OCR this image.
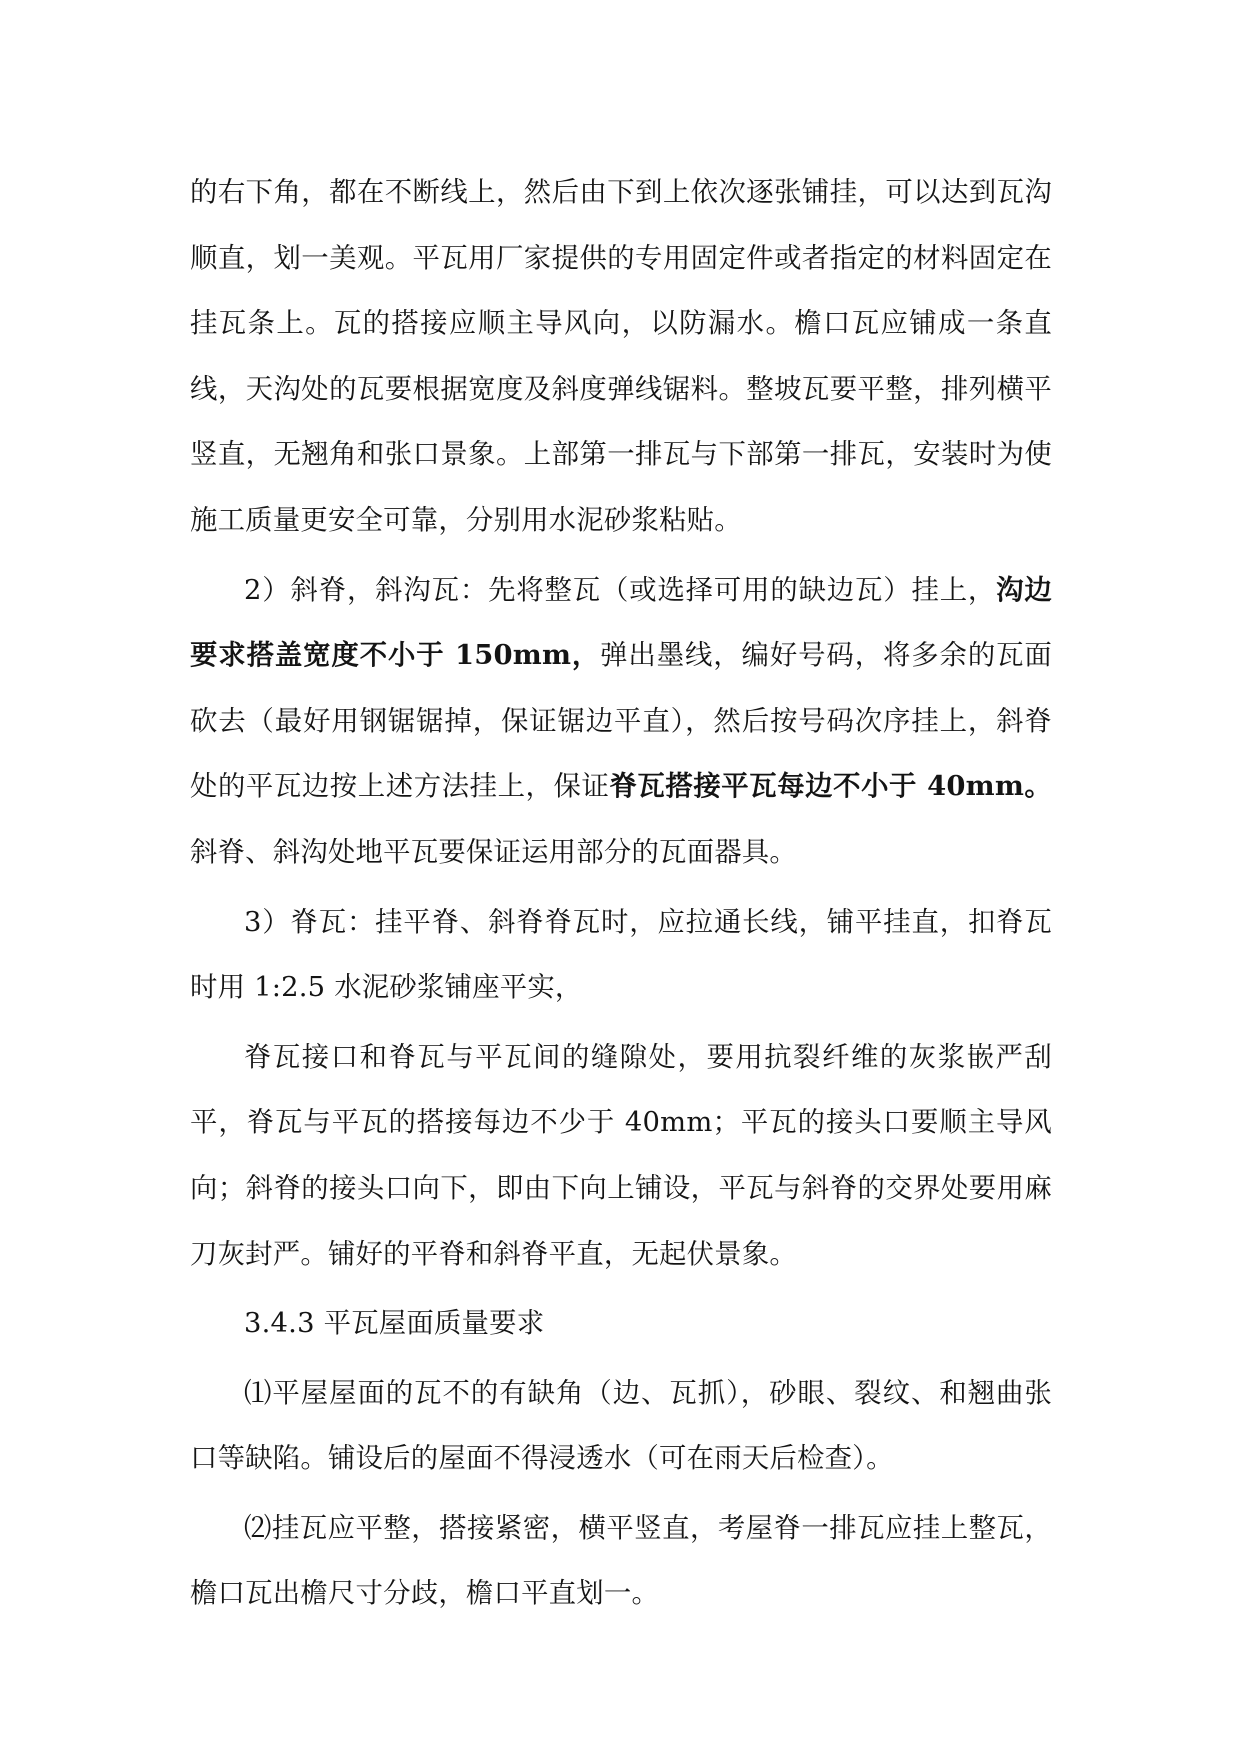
的右下角，都在不断线上，然后由下到上依次逐张铺挂，可以达到瓦沟顺直，划一美观。平瓦用厂家提供的专用固定件或者指定的材料固定在挂瓦条上。瓦的搭接应顺主导风向，以防漏水。檐口瓦应铺成一条直 线，天沟处的瓦要根据宽度及斜度弹线锯料。整坡瓦要平整，排列横平竖直，无翘角和张口景象。上部第一排瓦与下部第一排瓦，安装时为使施工质量更安全可靠，分别用水泥砂浆粘贴。

2）斜脊，斜沟瓦：先将整瓦（或选择可用的缺边瓦）挂上，沟边要求搭盖宽度不小于 150mm，弹出墨线，编好号码，将多余的瓦面砍去（最好用钢锯锯掉，保证锯边平直），然后按号码次序挂上，斜脊处的平瓦边按上述方法挂上，保证脊瓦搭接平瓦每边不小于 40mm。斜脊、斜沟处地平瓦要保证运用部分的瓦面器具。

3）脊瓦：挂平脊、斜脊脊瓦时，应拉通长线，铺平挂直，扣脊瓦时用 1:2.5 水泥砂浆铺座平实，

脊瓦接口和脊瓦与平瓦间的缝隙处，要用抗裂纤维的灰浆嵌严刮平，脊瓦与平瓦的搭接每边不少于 40mm；平瓦的接头口要顺主导风向；斜脊的接头口向下，即由下向上铺设，平瓦与斜脊的交界处要用麻刀灰封严。铺好的平脊和斜脊平直，无起伏景象。

3.4.3 平瓦屋面质量要求

⑴平屋屋面的瓦不的有缺角（边、瓦抓），砂眼、裂纹、和翘曲张口等缺陷。铺设后的屋面不得浸透水（可在雨天后检查）。

⑵挂瓦应平整，搭接紧密，横平竖直，考屋脊一排瓦应挂上整瓦，檐口瓦出檐尺寸分歧，檐口平直划一。
